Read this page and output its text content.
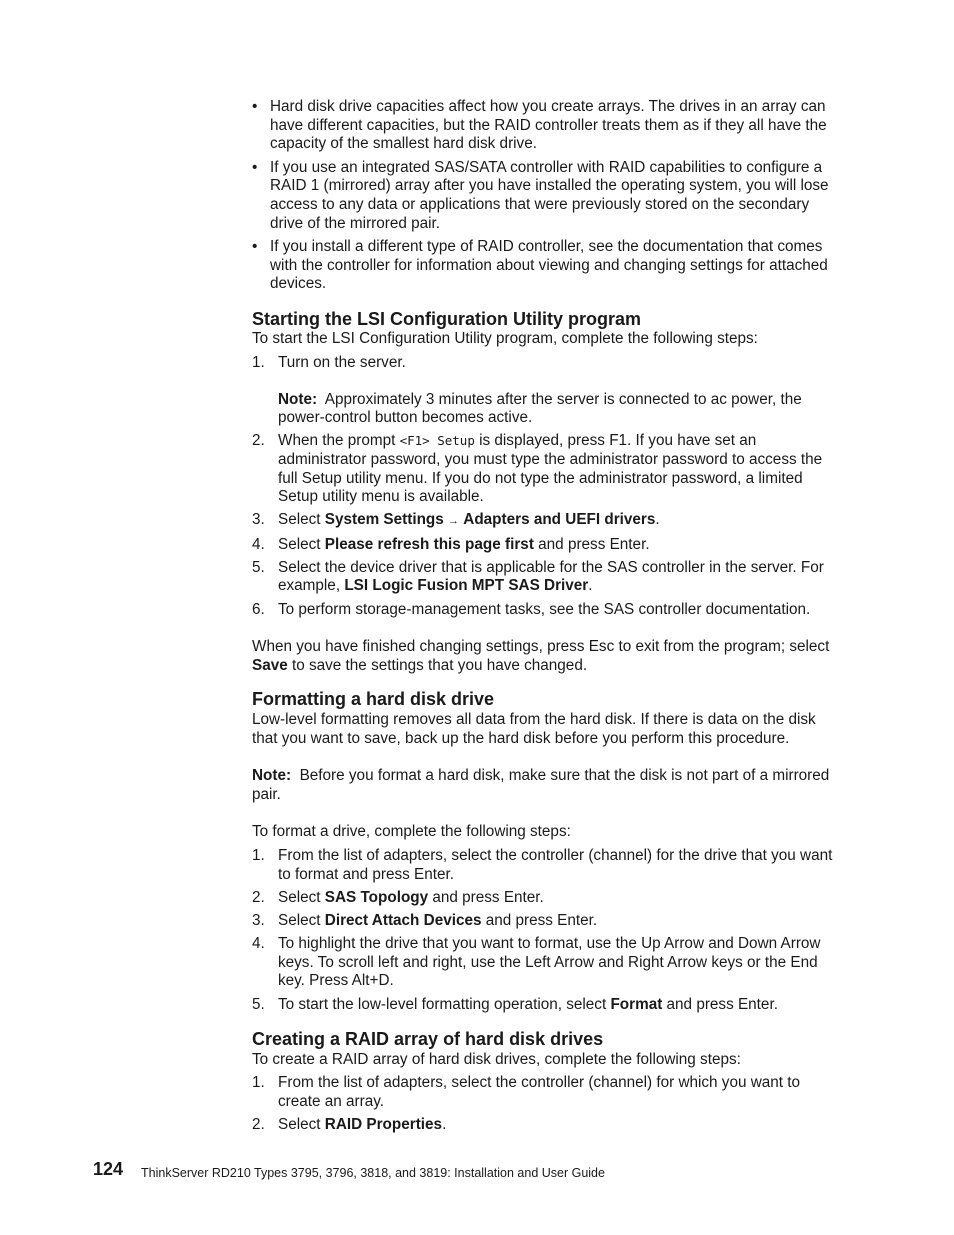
• Hard disk drive capacities affect how you create arrays. The drives in an array can have different capacities, but the RAID controller treats them as if they all have the capacity of the smallest hard disk drive.
• If you use an integrated SAS/SATA controller with RAID capabilities to configure a RAID 1 (mirrored) array after you have installed the operating system, you will lose access to any data or applications that were previously stored on the secondary drive of the mirrored pair.
• If you install a different type of RAID controller, see the documentation that comes with the controller for information about viewing and changing settings for attached devices.
Starting the LSI Configuration Utility program

To start the LSI Configuration Utility program, complete the following steps:

1. Turn on the server.

Note: Approximately 3 minutes after the server is connected to ac power, the power-control button becomes active.

2. When the prompt <F1> Setup is displayed, press F1. If you have set an administrator password, you must type the administrator password to access the full Setup utility menu. If you do not type the administrator password, a limited Setup utility menu is available.
3. Select System Settings → Adapters and UEFI drivers.
4. Select Please refresh this page first and press Enter.
5. Select the device driver that is applicable for the SAS controller in the server. For example, LSI Logic Fusion MPT SAS Driver.
6. To perform storage-management tasks, see the SAS controller documentation.

When you have finished changing settings, press Esc to exit from the program; select Save to save the settings that you have changed.

Formatting a hard disk drive

Low-level formatting removes all data from the hard disk. If there is data on the disk that you want to save, back up the hard disk before you perform this procedure.

Note: Before you format a hard disk, make sure that the disk is not part of a mirrored pair.

To format a drive, complete the following steps:

1. From the list of adapters, select the controller (channel) for the drive that you want to format and press Enter.
2. Select SAS Topology and press Enter.
3. Select Direct Attach Devices and press Enter.
4. To highlight the drive that you want to format, use the Up Arrow and Down Arrow keys. To scroll left and right, use the Left Arrow and Right Arrow keys or the End key. Press Alt+D.
5. To start the low-level formatting operation, select Format and press Enter.
Creating a RAID array of hard disk drives

To create a RAID array of hard disk drives, complete the following steps:

1. From the list of adapters, select the controller (channel) for which you want to create an array.
2. Select RAID Properties.
124 ThinkServer RD210 Types 3795, 3796, 3818, and 3819: Installation and User Guide
